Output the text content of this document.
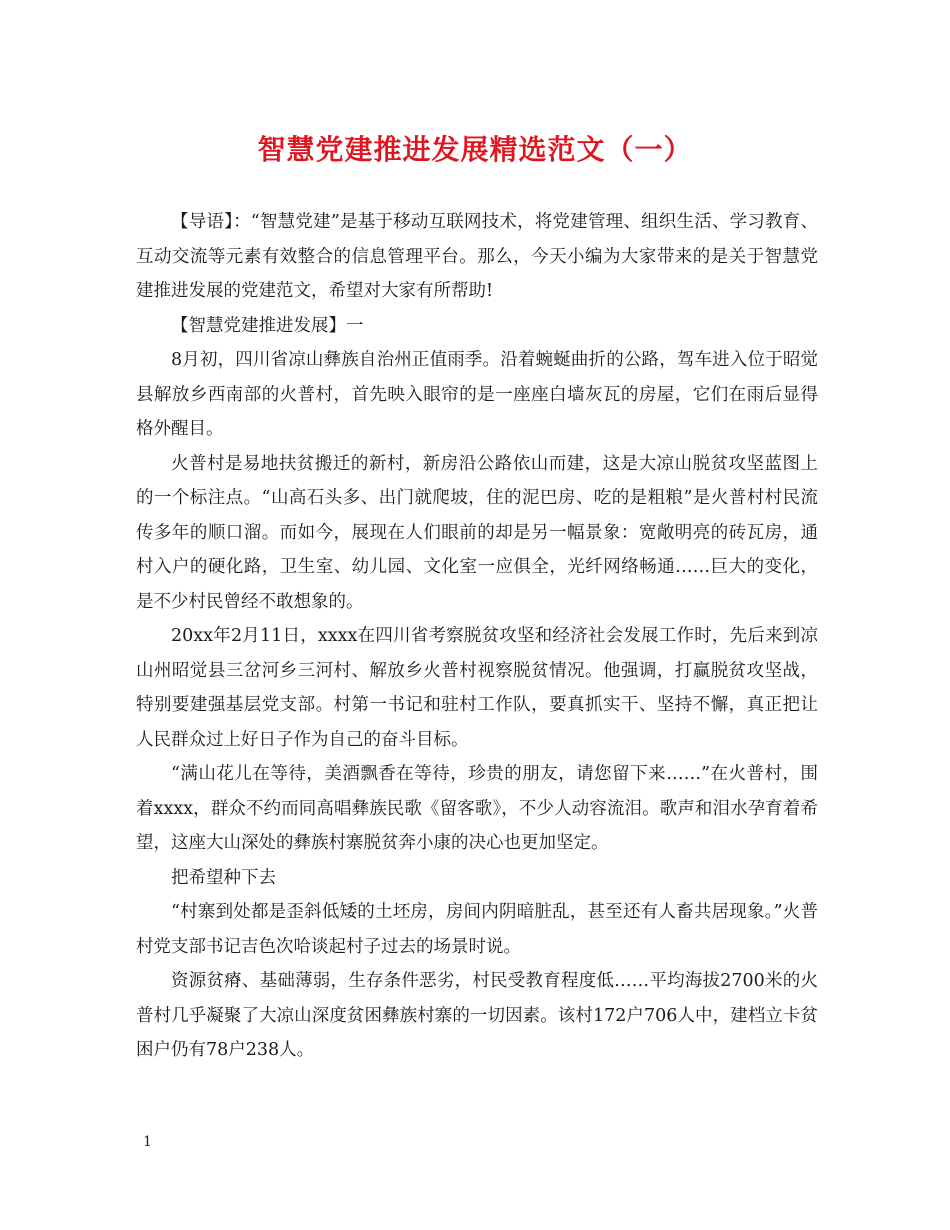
智慧党建推进发展精选范文（一）

【导语】：“智慧党建”是基于移动互联网技术，将党建管理、组织生活、学习教育、互动交流等元素有效整合的信息管理平台。那么，今天小编为大家带来的是关于智慧党建推进发展的党建范文，希望对大家有所帮助!

【智慧党建推进发展】一

8月初，四川省凉山彝族自治州正值雨季。沿着蜿蜒曲折的公路，驾车进入位于昭觉县解放乡西南部的火普村，首先映入眼帘的是一座座白墙灰瓦的房屋，它们在雨后显得格外醒目。

火普村是易地扶贫搬迁的新村，新房沿公路依山而建，这是大凉山脱贫攻坚蓝图上的一个标注点。“山高石头多、出门就爬坡，住的泥巴房、吃的是粗粮”是火普村村民流传多年的顺口溜。而如今，展现在人们眼前的却是另一幅景象：宽敞明亮的砖瓦房，通村入户的硬化路，卫生室、幼儿园、文化室一应俱全，光纤网络畅通……巨大的变化，是不少村民曾经不敢想象的。

20xx年2月11日，xxxx在四川省考察脱贫攻坚和经济社会发展工作时，先后来到凉山州昭觉县三岔河乡三河村、解放乡火普村视察脱贫情况。他强调，打赢脱贫攻坚战，特别要建强基层党支部。村第一书记和驻村工作队，要真抓实干、坚持不懈，真正把让人民群众过上好日子作为自己的奋斗目标。

“满山花儿在等待，美酒飘香在等待，珍贵的朋友，请您留下来……”在火普村，围着xxxx，群众不约而同高唱彝族民歌《留客歌》，不少人动容流泪。歌声和泪水孕育着希望，这座大山深处的彝族村寨脱贫奔小康的决心也更加坚定。

把希望种下去

“村寨到处都是歪斜低矮的土坯房，房间内阴暗脏乱，甚至还有人畜共居现象。”火普村党支部书记吉色次哈谈起村子过去的场景时说。

资源贫瘠、基础薄弱，生存条件恶劣，村民受教育程度低……平均海拔2700米的火普村几乎凝聚了大凉山深度贫困彝族村寨的一切因素。该村172户706人中，建档立卡贫困户仍有78户238人。

1
